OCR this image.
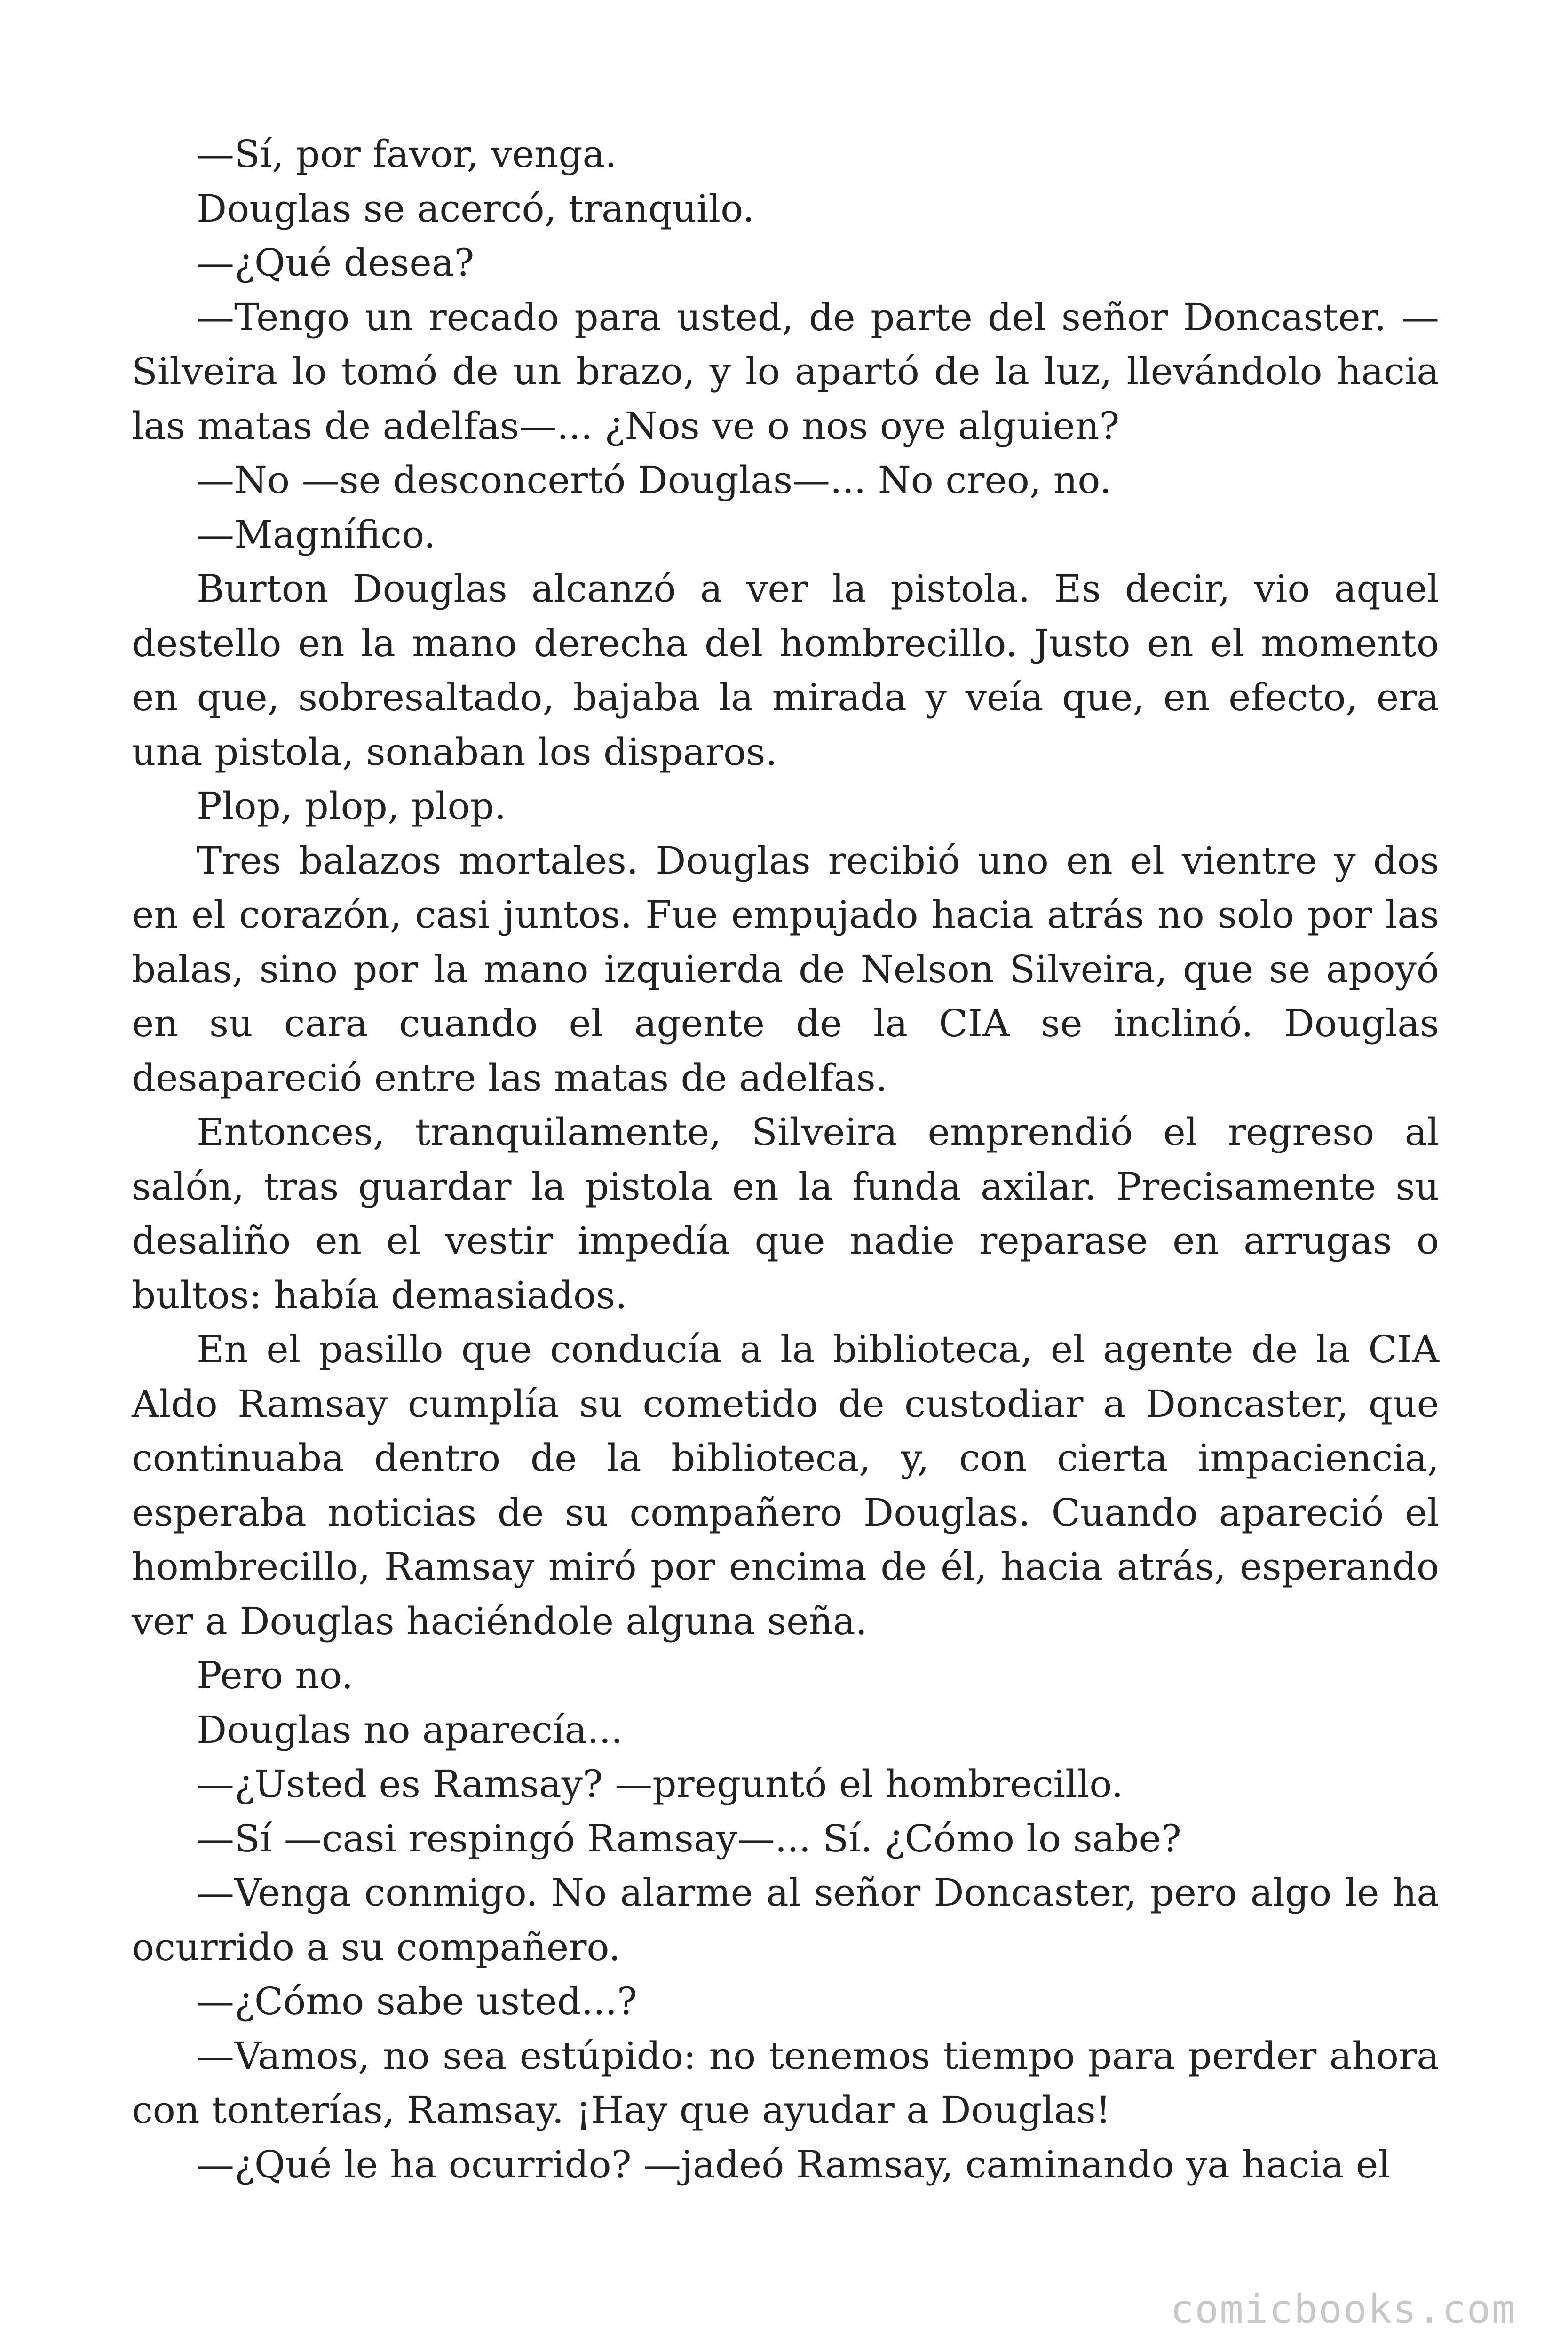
—Sí, por favor, venga.

Douglas se acercó, tranquilo.

—¿Qué desea?

—Tengo un recado para usted, de parte del señor Doncaster. —Silveira lo tomó de un brazo, y lo apartó de la luz, llevándolo hacia las matas de adelfas—... ¿Nos ve o nos oye alguien?

—No —se desconcertó Douglas—... No creo, no.

—Magnífico.

Burton Douglas alcanzó a ver la pistola. Es decir, vio aquel destello en la mano derecha del hombrecillo. Justo en el momento en que, sobresaltado, bajaba la mirada y veía que, en efecto, era una pistola, sonaban los disparos.

Plop, plop, plop.

Tres balazos mortales. Douglas recibió uno en el vientre y dos en el corazón, casi juntos. Fue empujado hacia atrás no solo por las balas, sino por la mano izquierda de Nelson Silveira, que se apoyó en su cara cuando el agente de la CIA se inclinó. Douglas desapareció entre las matas de adelfas.

Entonces, tranquilamente, Silveira emprendió el regreso al salón, tras guardar la pistola en la funda axilar. Precisamente su desaliño en el vestir impedía que nadie reparase en arrugas o bultos: había demasiados.

En el pasillo que conducía a la biblioteca, el agente de la CIA Aldo Ramsay cumplía su cometido de custodiar a Doncaster, que continuaba dentro de la biblioteca, y, con cierta impaciencia, esperaba noticias de su compañero Douglas. Cuando apareció el hombrecillo, Ramsay miró por encima de él, hacia atrás, esperando ver a Douglas haciéndole alguna seña.

Pero no.

Douglas no aparecía...

—¿Usted es Ramsay? —preguntó el hombrecillo.

—Sí —casi respingó Ramsay—... Sí. ¿Cómo lo sabe?

—Venga conmigo. No alarme al señor Doncaster, pero algo le ha ocurrido a su compañero.

—¿Cómo sabe usted...?

—Vamos, no sea estúpido: no tenemos tiempo para perder ahora con tonterías, Ramsay. ¡Hay que ayudar a Douglas!

—¿Qué le ha ocurrido? —jadeó Ramsay, caminando ya hacia el

comicbooks.com
